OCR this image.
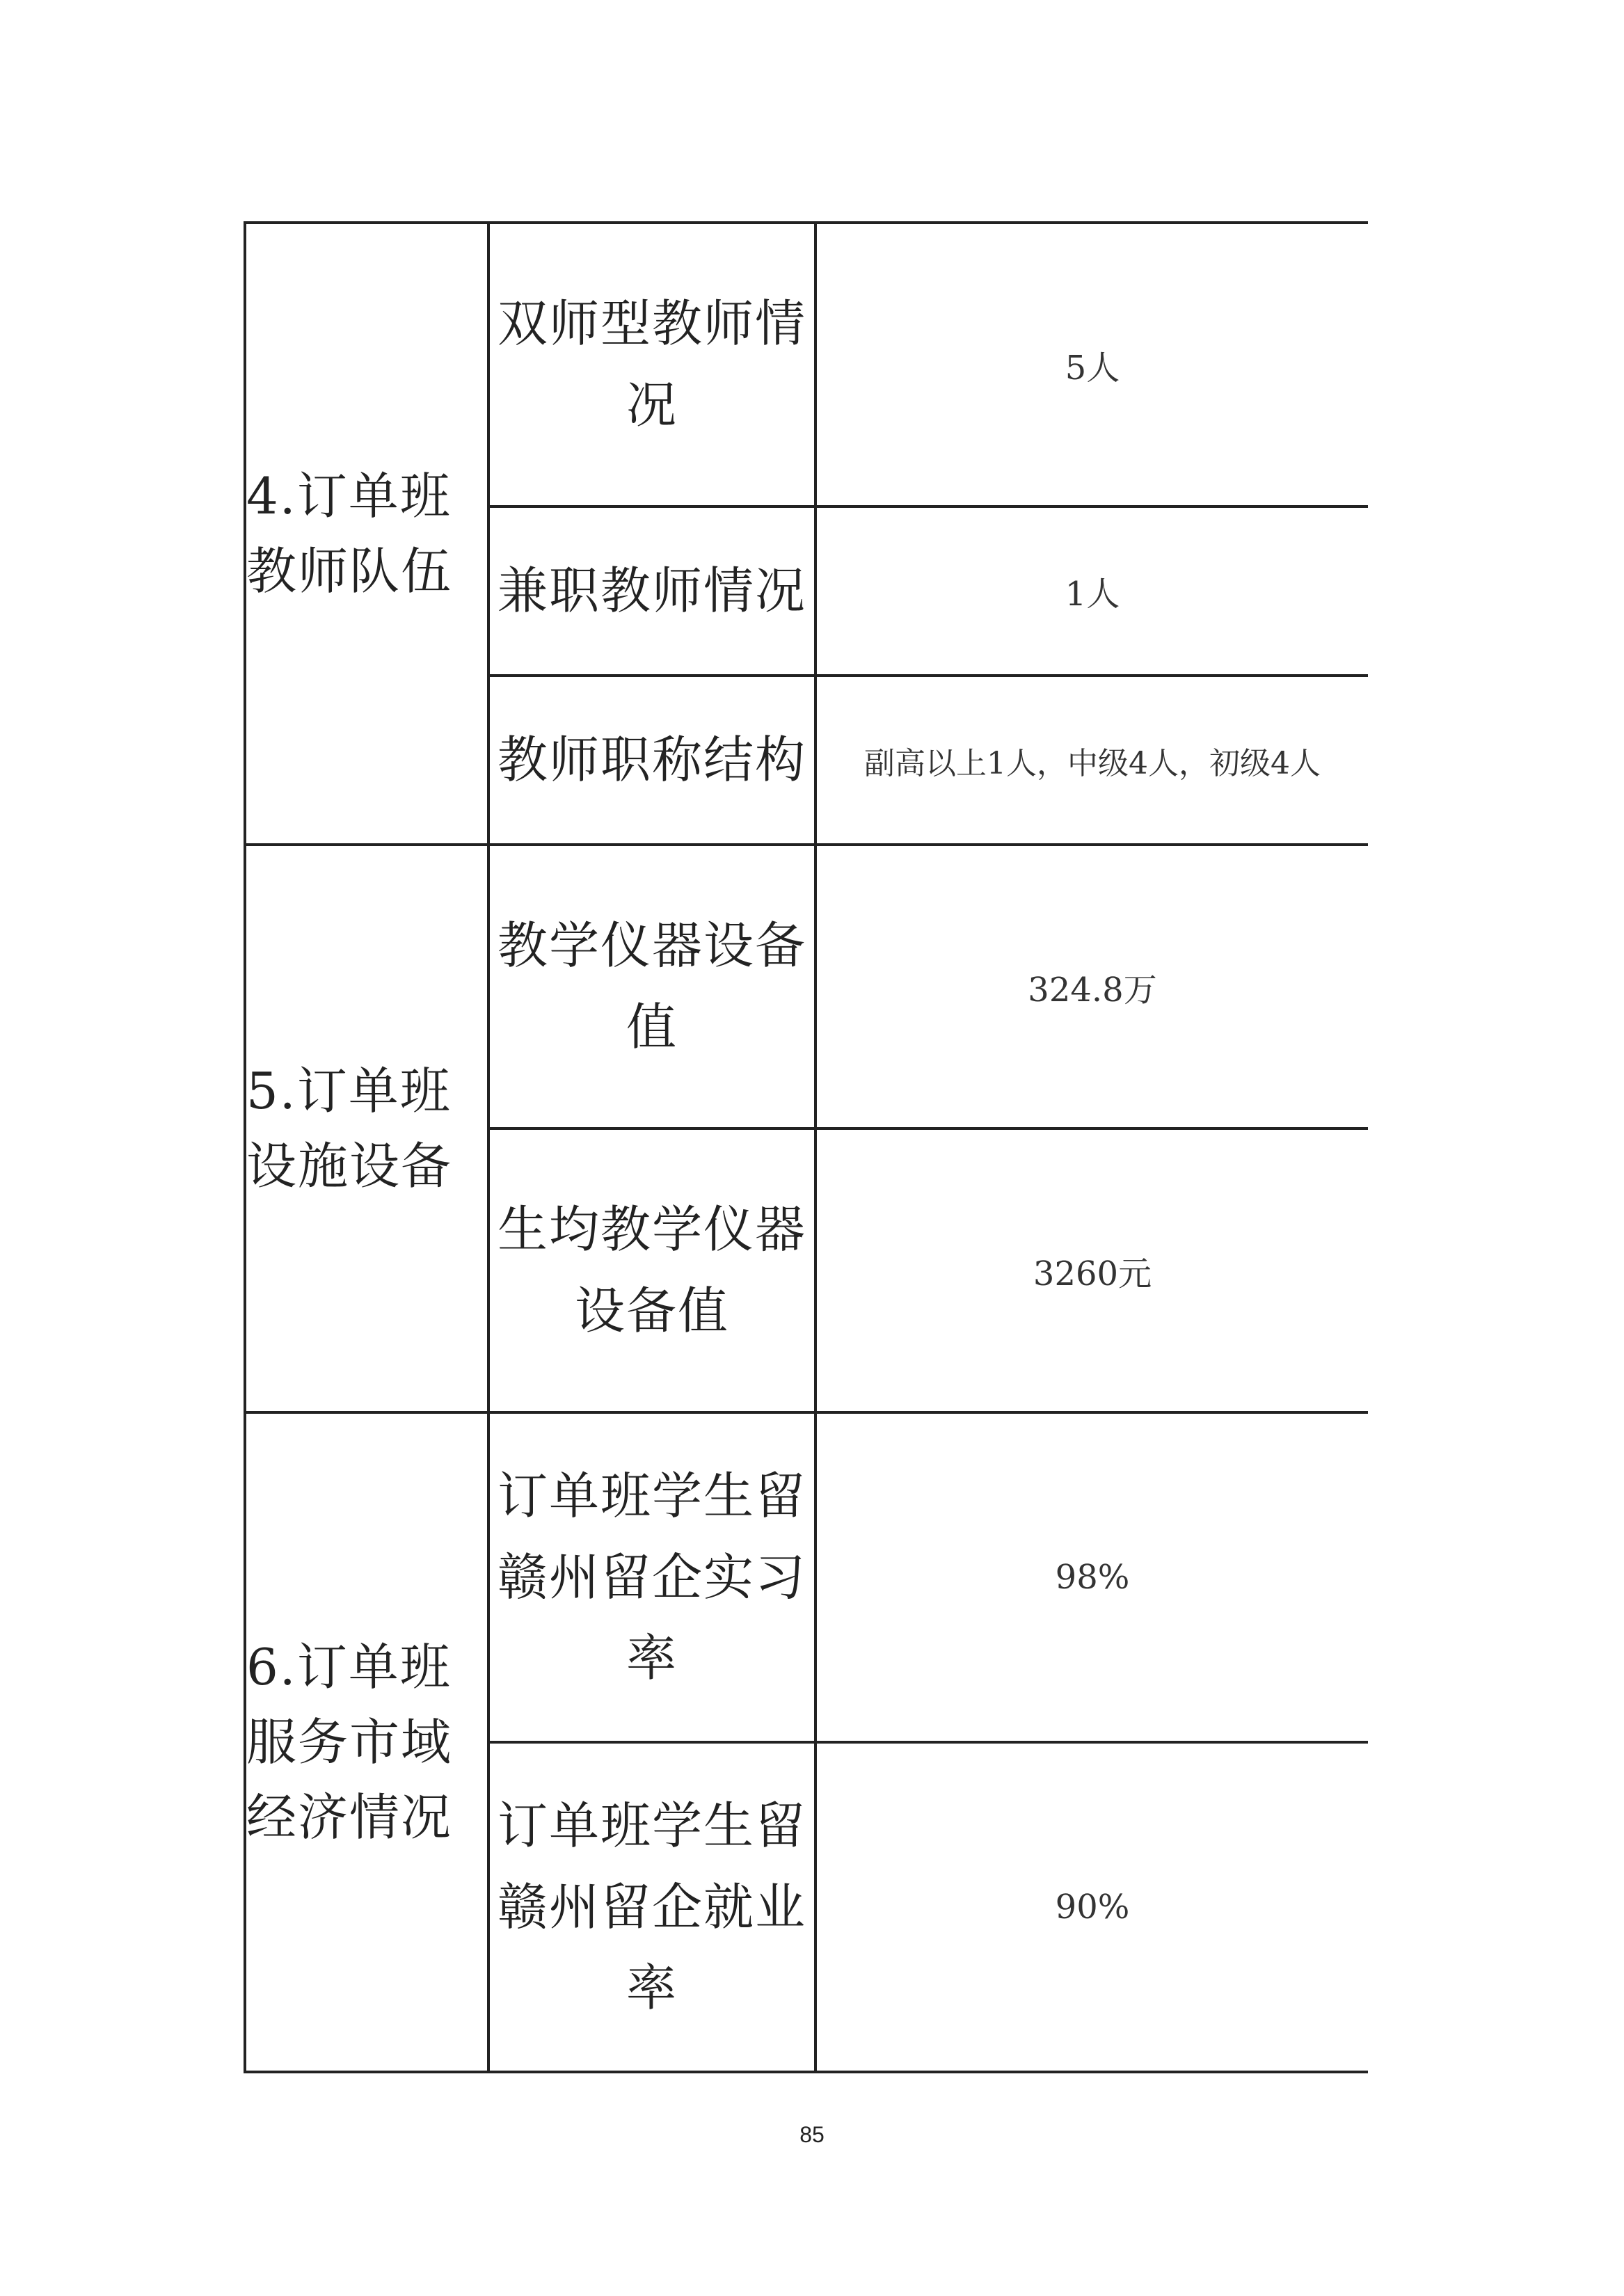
4.订单班教师队伍	双师型教师情况	5人

	兼职教师情况	1人

	教师职称结构	副高以上1人，中级4人，初级4人

5.订单班设施设备	教学仪器设备值	324.8万

	生均教学仪器设备值	3260元

6.订单班服务市域经济情况	订单班学生留赣州留企实习率	98%

	订单班学生留赣州留企就业率	90%
85
